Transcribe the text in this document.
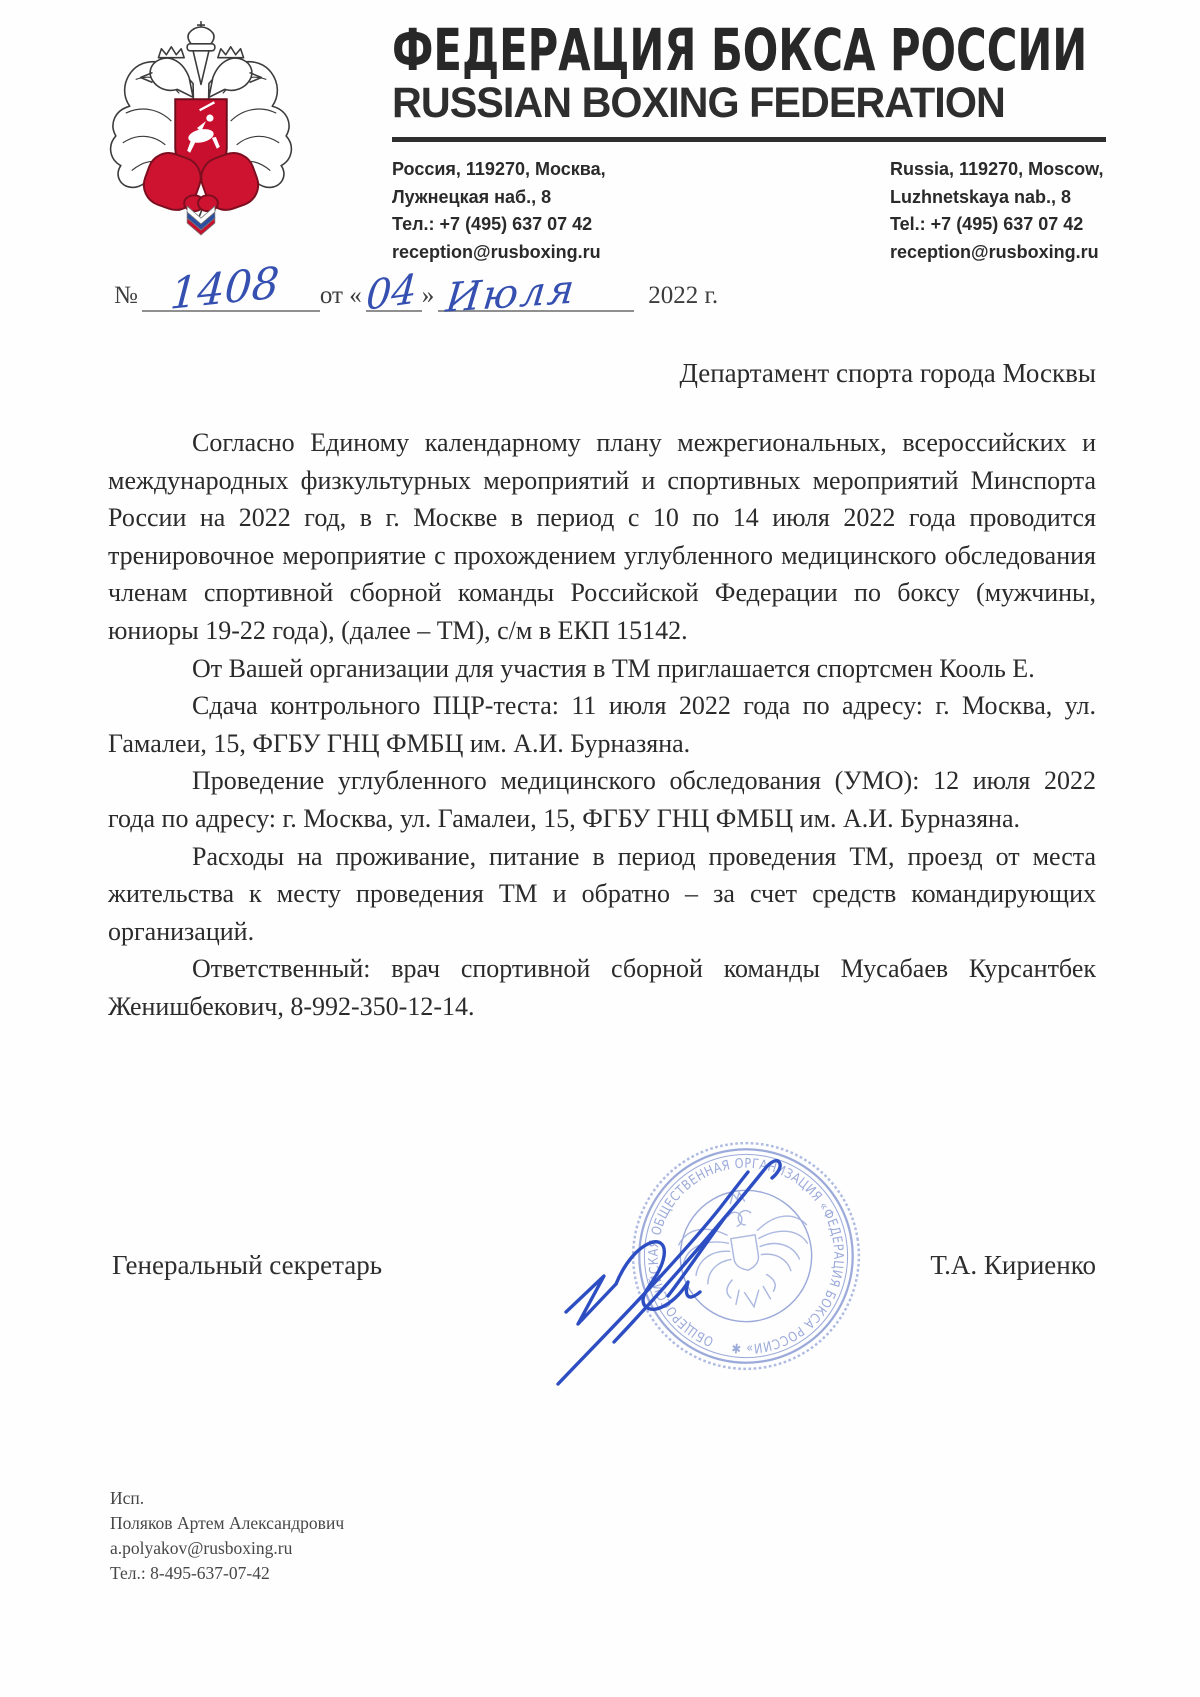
ФЕДЕРАЦИЯ БОКСА РОССИИ
RUSSIAN BOXING FEDERATION
Россия, 119270, Москва,
Лужнецкая наб., 8
Тел.: +7 (495) 637 07 42
reception@rusboxing.ru
Russia, 119270, Moscow,
Luzhnetskaya nab., 8
Tel.: +7 (495) 637 07 42
reception@rusboxing.ru
№ 1408 от « 04 » Июля	2022 г.
Департамент спорта города Москвы

Согласно Единому календарному плану межрегиональных, всероссийских и международных физкультурных мероприятий и спортивных мероприятий Минспорта России на 2022 год, в г. Москве в период с 10 по 14 июля 2022 года проводится тренировочное мероприятие с прохождением углубленного медицинского обследования членам спортивной сборной команды Российской Федерации по боксу (мужчины, юниоры 19-22 года), (далее – ТМ), с/м в ЕКП 15142.

От Вашей организации для участия в ТМ приглашается спортсмен Кооль Е.

Сдача контрольного ПЦР-теста: 11 июля 2022 года по адресу: г. Москва, ул. Гамалеи, 15, ФГБУ ГНЦ ФМБЦ им. А.И. Бурназяна.

Проведение углубленного медицинского обследования (УМО): 12 июля 2022 года по адресу: г. Москва, ул. Гамалеи, 15, ФГБУ ГНЦ ФМБЦ им. А.И. Бурназяна.

Расходы на проживание, питание в период проведения ТМ, проезд от места жительства к месту проведения ТМ и обратно – за счет средств командирующих организаций.

Ответственный: врач спортивной сборной команды Мусабаев Курсантбек Женишбекович, 8-992-350-12-14.

Генеральный секретарь	Т.А. Кириенко
ОБЩЕРОССИЙСКАЯ ОБЩЕСТВЕННАЯ ОРГАНИЗАЦИЯ «ФЕДЕРАЦИЯ БОКСА РОССИИ» ✱
Исп.
Поляков Артем Александрович
a.polyakov@rusboxing.ru
Тел.: 8-495-637-07-42
